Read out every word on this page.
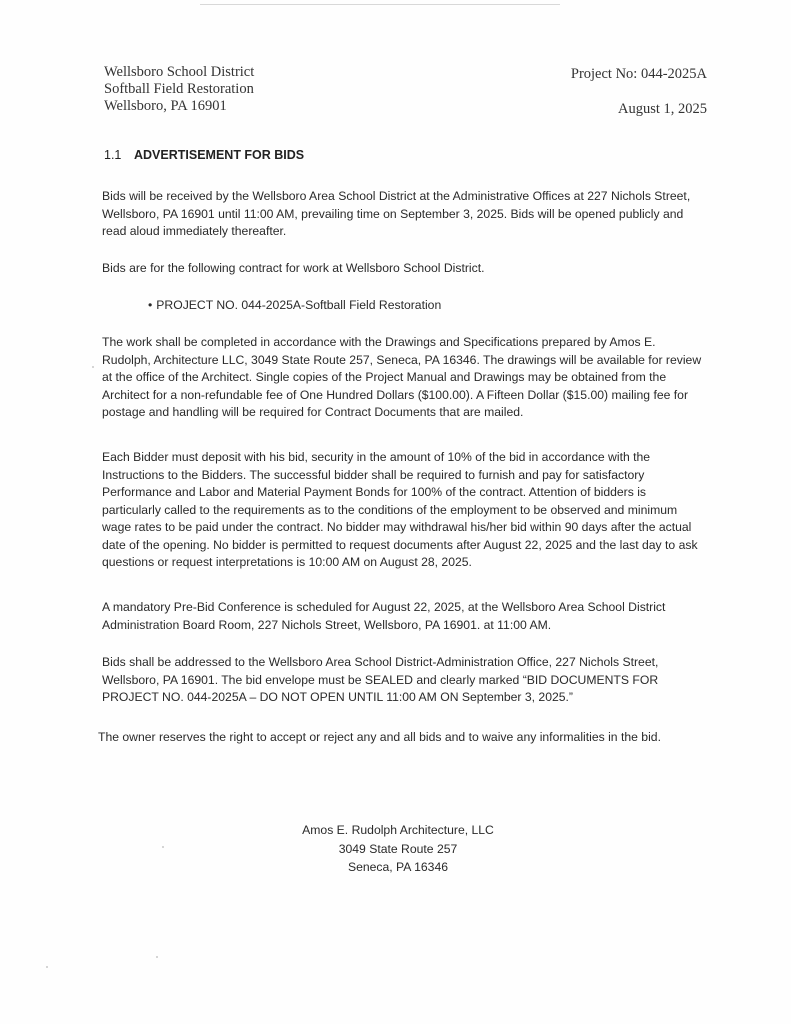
Wellsboro School District
Softball Field Restoration
Wellsboro, PA 16901
Project No: 044-2025A
August 1, 2025
1.1 ADVERTISEMENT FOR BIDS
Bids will be received by the Wellsboro Area School District at the Administrative Offices at 227 Nichols Street, Wellsboro, PA 16901 until 11:00 AM, prevailing time on September 3, 2025. Bids will be opened publicly and read aloud immediately thereafter.
Bids are for the following contract for work at Wellsboro School District.
• PROJECT NO. 044-2025A-Softball Field Restoration
The work shall be completed in accordance with the Drawings and Specifications prepared by Amos E. Rudolph, Architecture LLC, 3049 State Route 257, Seneca, PA 16346. The drawings will be available for review at the office of the Architect. Single copies of the Project Manual and Drawings may be obtained from the Architect for a non-refundable fee of One Hundred Dollars ($100.00). A Fifteen Dollar ($15.00) mailing fee for postage and handling will be required for Contract Documents that are mailed.
Each Bidder must deposit with his bid, security in the amount of 10% of the bid in accordance with the Instructions to the Bidders. The successful bidder shall be required to furnish and pay for satisfactory Performance and Labor and Material Payment Bonds for 100% of the contract. Attention of bidders is particularly called to the requirements as to the conditions of the employment to be observed and minimum wage rates to be paid under the contract. No bidder may withdrawal his/her bid within 90 days after the actual date of the opening. No bidder is permitted to request documents after August 22, 2025 and the last day to ask questions or request interpretations is 10:00 AM on August 28, 2025.
A mandatory Pre-Bid Conference is scheduled for August 22, 2025, at the Wellsboro Area School District Administration Board Room, 227 Nichols Street, Wellsboro, PA 16901. at 11:00 AM.
Bids shall be addressed to the Wellsboro Area School District-Administration Office, 227 Nichols Street, Wellsboro, PA 16901. The bid envelope must be SEALED and clearly marked “BID DOCUMENTS FOR PROJECT NO. 044-2025A – DO NOT OPEN UNTIL 11:00 AM ON September 3, 2025.”
The owner reserves the right to accept or reject any and all bids and to waive any informalities in the bid.
Amos E. Rudolph Architecture, LLC
3049 State Route 257
Seneca, PA 16346
